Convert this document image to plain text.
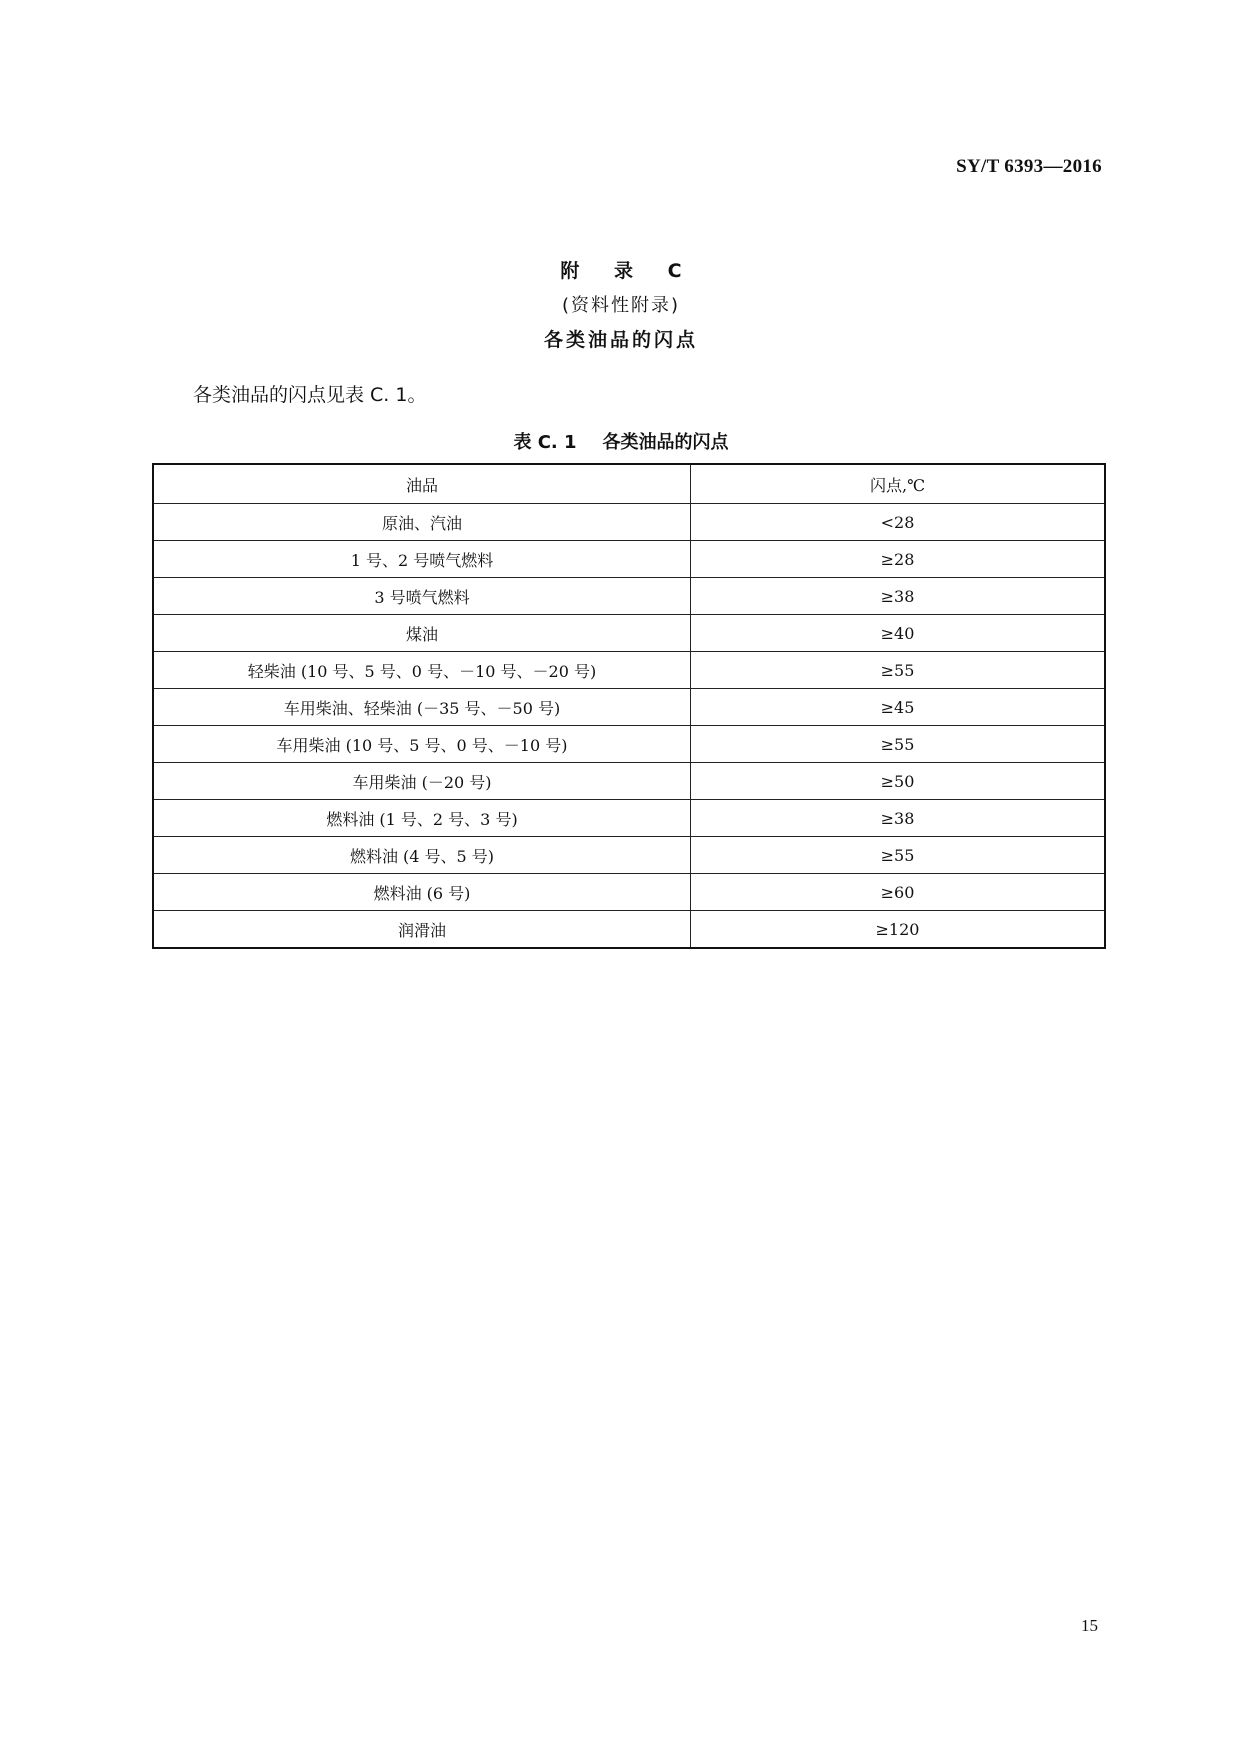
SY/T 6393—2016
附 录 C
(资料性附录)
各类油品的闪点
各类油品的闪点见表 C. 1。
表 C. 1 各类油品的闪点
油品	闪点,℃
原油、汽油	<28
1 号、2 号喷气燃料	≥28
3 号喷气燃料	≥38
煤油	≥40
轻柴油 (10 号、5 号、0 号、－10 号、－20 号)	≥55
车用柴油、轻柴油 (－35 号、－50 号)	≥45
车用柴油 (10 号、5 号、0 号、－10 号)	≥55
车用柴油 (－20 号)	≥50
燃料油 (1 号、2 号、3 号)	≥38
燃料油 (4 号、5 号)	≥55
燃料油 (6 号)	≥60
润滑油	≥120
15
